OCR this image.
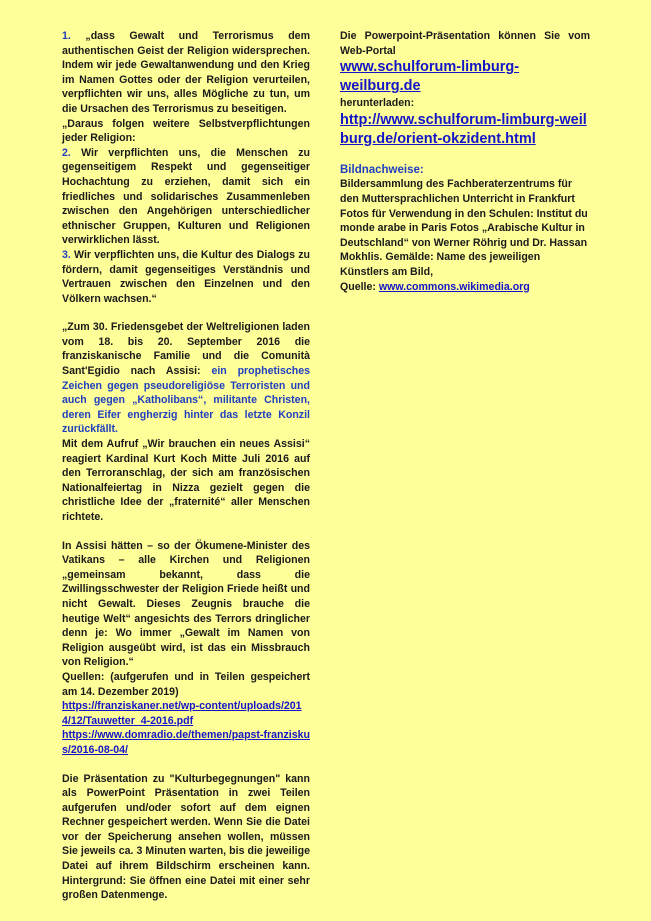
1. „dass Gewalt und Terrorismus dem authentischen Geist der Religion widersprechen. Indem wir jede Gewaltanwendung und den Krieg im Namen Gottes oder der Religion verurteilen, verpflichten wir uns, alles Mögliche zu tun, um die Ursachen des Terrorismus zu beseitigen.

„Daraus folgen weitere Selbstverpflichtungen jeder Religion:

2. Wir verpflichten uns, die Menschen zu gegenseitigem Respekt und gegenseitiger Hochachtung zu erziehen, damit sich ein friedliches und solidarisches Zusammenleben zwischen den Angehörigen unterschiedlicher ethnischer Gruppen, Kulturen und Religionen verwirklichen lässt.

3. Wir verpflichten uns, die Kultur des Dialogs zu fördern, damit gegenseitiges Verständnis und Vertrauen zwischen den Einzelnen und den Völkern wachsen.“

„Zum 30. Friedensgebet der Weltreligionen laden vom 18. bis 20. September 2016 die franziskanische Familie und die Comunità Sant'Egidio nach Assisi: ein prophetisches Zeichen gegen pseudoreligiöse Terroristen und auch gegen „Katholibans“, militante Christen, deren Eifer engherzig hinter das letzte Konzil zurückfällt.

Mit dem Aufruf „Wir brauchen ein neues Assisi“ reagiert Kardinal Kurt Koch Mitte Juli 2016 auf den Terroranschlag, der sich am französischen Nationalfeiertag in Nizza gezielt gegen die christliche Idee der „fraternité“ aller Menschen richtete.

In Assisi hätten – so der Ökumene-Minister des Vatikans – alle Kirchen und Religionen „gemeinsam bekannt, dass die Zwillingsschwester der Religion Friede heißt und nicht Gewalt. Dieses Zeugnis brauche die heutige Welt“ angesichts des Terrors dringlicher denn je: Wo immer „Gewalt im Namen von Religion ausgeübt wird, ist das ein Missbrauch von Religion.“

Quellen: (aufgerufen und in Teilen gespeichert am 14. Dezember 2019)

https://franziskaner.net/wp-content/uploads/2014/12/Tauwetter_4-2016.pdf

https://www.domradio.de/themen/papst-franziskus/2016-08-04/

Die Präsentation zu "Kulturbegegnungen" kann als PowerPoint Präsentation in zwei Teilen aufgerufen und/oder sofort auf dem eignen Rechner gespeichert werden. Wenn Sie die Datei vor der Speicherung ansehen wollen, müssen Sie jeweils ca. 3 Minuten warten, bis die jeweilige Datei auf ihrem Bildschirm erscheinen kann. Hintergrund: Sie öffnen eine Datei mit einer sehr großen Datenmenge.

Die Powerpoint-Präsentation können Sie vom Web-Portal

www.schulforum-limburg-weilburg.de

herunterladen:

http://www.schulforum-limburg-weilburg.de/orient-okzident.html

Bildnachweise:

Bildersammlung des Fachberaterzentrums für den Muttersprachlichen Unterricht in Frankfurt Fotos für Verwendung in den Schulen: Institut du monde arabe in Paris Fotos „Arabische Kultur in Deutschland“ von Werner Röhrig und Dr. Hassan Mokhlis. Gemälde: Name des jeweiligen Künstlers am Bild,

Quelle: www.commons.wikimedia.org
